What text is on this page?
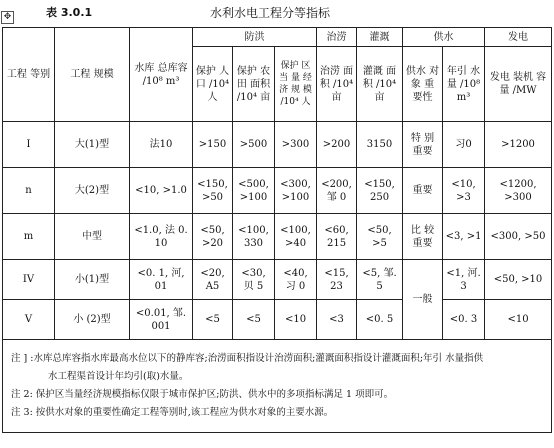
✥	表 3.0.1	水利水电工程分等指标
工程 等别	工程 规模	水库 总库容 /10⁸ m³	防洪			治涝	灌溉	供水		发电
			保护 人口 /10⁴ 人	保护 农田 面积 /10⁴ 亩	保护 区当 量 经 济 规 模 /10⁴ 人	治涝 面积 /10⁴ 亩	灌溉 面积 /10⁴ 亩	供水 对象 重 要性	年引 水量 /10⁸ m³	发电 装机 容量 /MW
I	大(1)型	法10	>150	>500	>300	>200	3150	特 别 重要	习0	>1200
n	大(2)型	<10, >1.0	<150, >50	<500, >100	<300, >100	<200, 邹 0	<150, 250	重要	<10, >3	<1200, >300
m	中型	<1.0, 法 0. 10	<50, >20	<100, 330	<100, >40	<60, 215	<50, >5	比 较 重要	<3, >1	<300, >50
IV	小(1)型	<0. 1, 河, 01	<20, A5	<30, 贝 5	<40, 习 0	<15, 23	<5, 邹. 5	一般	<1, 河. 3	<50, >10
V	小 (2)型	<0.01, 邹. 001	<5	<5	<10	<3	<0. 5		<0. 3	<10

注 ] :水库总库容指水库最高水位以下的静库容;治涝面积指设计治涝面积;灌溉面积指设计灌溉面积;年引 水量指供
水工程渠首设计年均引(取)水量。
注 2: 保护区当量经济规模指标仅限于城市保护区;防洪、供水中的多项指标满足 1 项即可。
注 3: 按供水对象的重要性确定工程等别时,该工程应为供水对象的主要水源。										
